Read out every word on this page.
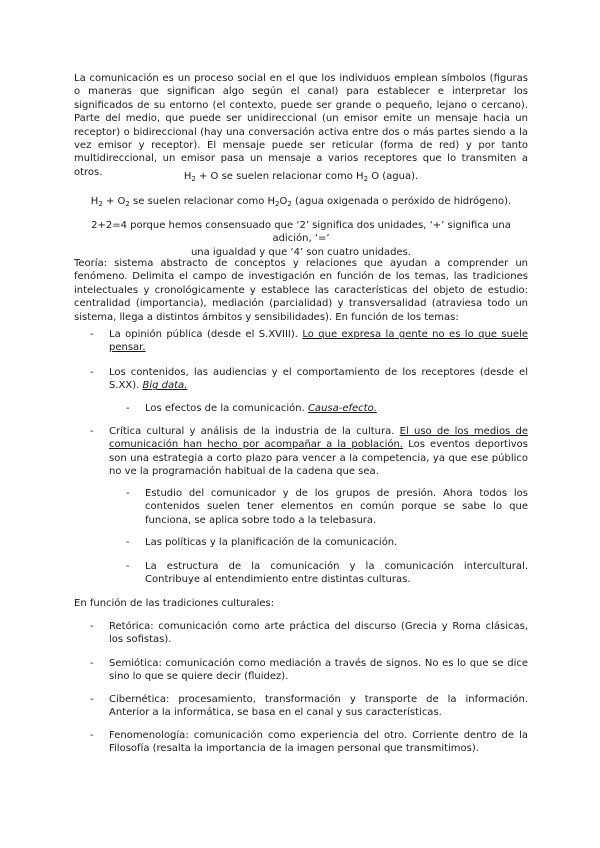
La comunicación es un proceso social en el que los individuos emplean símbolos (figuras o maneras que significan algo según el canal) para establecer e interpretar los significados de su entorno (el contexto, puede ser grande o pequeño, lejano o cercano). Parte del medio, que puede ser unidireccional (un emisor emite un mensaje hacia un receptor) o bidireccional (hay una conversación activa entre dos o más partes siendo a la vez emisor y receptor). El mensaje puede ser reticular (forma de red) y por tanto multidireccional, un emisor pasa un mensaje a varios receptores que lo transmiten a otros.	$H_2 + O$ se suelen relacionar como $H_2$ O (agua).
$H_2 + O_2$ se suelen relacionar como $H_2O_2$ (agua oxigenada o peróxido de hidrógeno).
2+2=4 porque hemos consensuado que ‘2’ significa dos unidades, ‘+’ significa una adición, ‘=’
una igualdad y que ‘4’ son cuatro unidades.
Teoría: sistema abstracto de conceptos y relaciones que ayudan a comprender un fenómeno. Delimita el campo de investigación en función de los temas, las tradiciones intelectuales y cronológicamente y establece las características del objeto de estudio: centralidad (importancia), mediación (parcialidad) y transversalidad (atraviesa todo un sistema, llega a distintos ámbitos y sensibilidades). En función de los temas:
- La opinión pública (desde el S.XVIII). Lo que expresa la gente no es lo que suele pensar.
- Los contenidos, las audiencias y el comportamiento de los receptores (desde el S.XX). Big data.
- Los efectos de la comunicación. Causa-efecto.
- Crítica cultural y análisis de la industria de la cultura. El uso de los medios de comunicación han hecho por acompañar a la población. Los eventos deportivos son una estrategia a corto plazo para vencer a la competencia, ya que ese público no ve la programación habitual de la cadena que sea.
- Estudio del comunicador y de los grupos de presión. Ahora todos los contenidos suelen tener elementos en común porque se sabe lo que funciona, se aplica sobre todo a la telebasura.
- Las políticas y la planificación de la comunicación.
- La estructura de la comunicación y la comunicación intercultural. Contribuye al entendimiento entre distintas culturas.
En función de las tradiciones culturales:
- Retórica: comunicación como arte práctica del discurso (Grecia y Roma clásicas, los sofistas).
- Semiótica: comunicación como mediación a través de signos. No es lo que se dice sino lo que se quiere decir (fluidez).
- Cibernética: procesamiento, transformación y transporte de la información. Anterior a la informática, se basa en el canal y sus características.
- Fenomenología: comunicación como experiencia del otro. Corriente dentro de la Filosofía (resalta la importancia de la imagen personal que transmitimos).
